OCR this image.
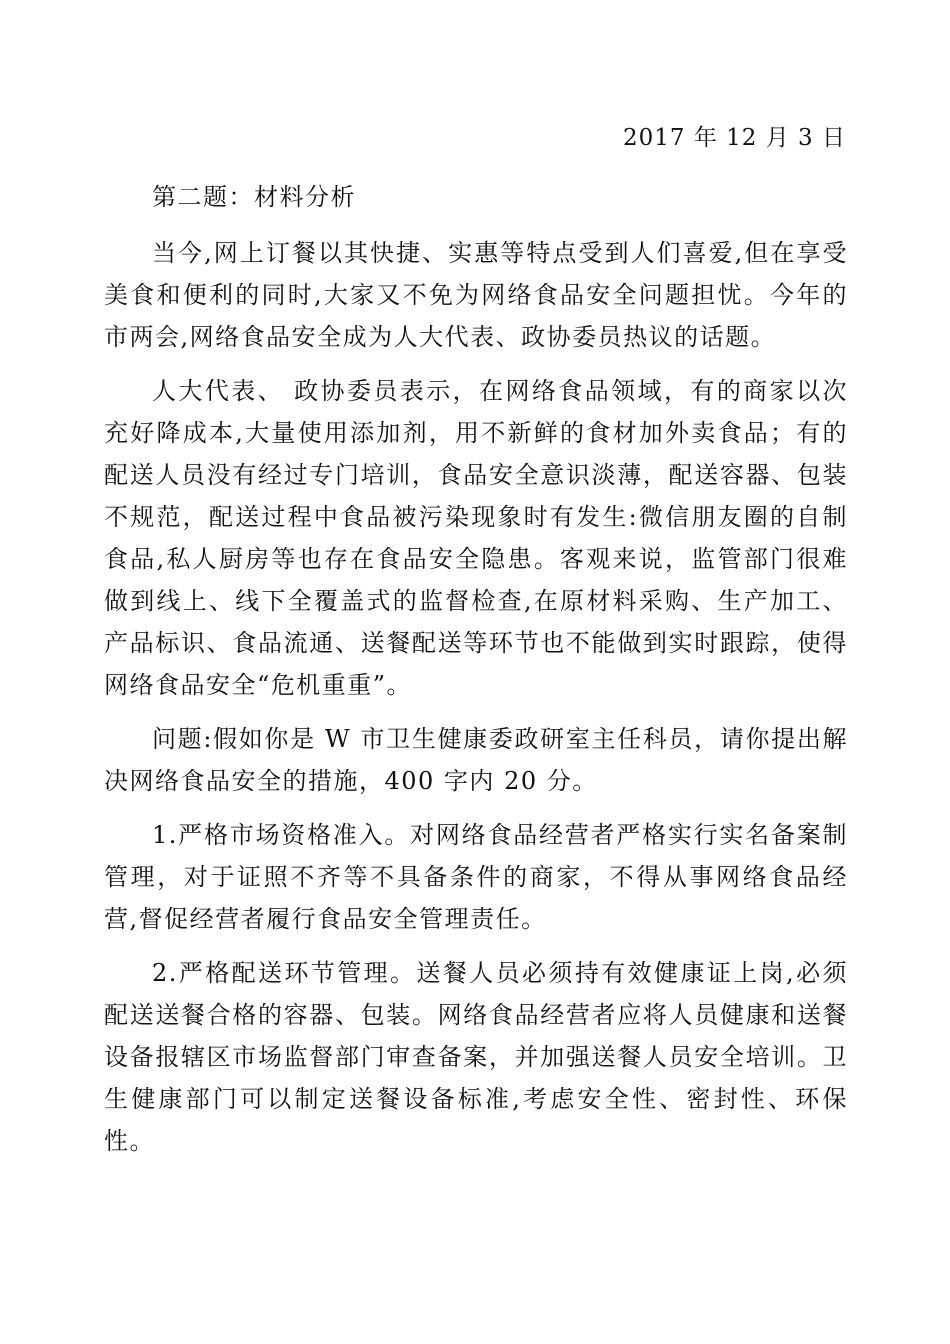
2017 年 12 月 3 日

第二题：材料分析

当今,网上订餐以其快捷、实惠等特点受到人们喜爱,但在享受美食和便利的同时,大家又不免为网络食品安全问题担忧。今年的市两会,网络食品安全成为人大代表、政协委员热议的话题。

人大代表、 政协委员表示，在网络食品领域，有的商家以次充好降成本,大量使用添加剂，用不新鲜的食材加外卖食品；有的配送人员没有经过专门培训，食品安全意识淡薄，配送容器、包装不规范，配送过程中食品被污染现象时有发生:微信朋友圈的自制食品,私人厨房等也存在食品安全隐患。客观来说，监管部门很难做到线上、线下全覆盖式的监督检查,在原材料采购、生产加工、产品标识、食品流通、送餐配送等环节也不能做到实时跟踪，使得网络食品安全“危机重重”。

问题:假如你是 W 市卫生健康委政研室主任科员，请你提出解决网络食品安全的措施，400 字内 20 分。

1.严格市场资格准入。对网络食品经营者严格实行实名备案制管理，对于证照不齐等不具备条件的商家，不得从事网络食品经营,督促经营者履行食品安全管理责任。

2.严格配送环节管理。送餐人员必须持有效健康证上岗,必须配送送餐合格的容器、包装。网络食品经营者应将人员健康和送餐设备报辖区市场监督部门审查备案，并加强送餐人员安全培训。卫生健康部门可以制定送餐设备标准,考虑安全性、密封性、环保性。
